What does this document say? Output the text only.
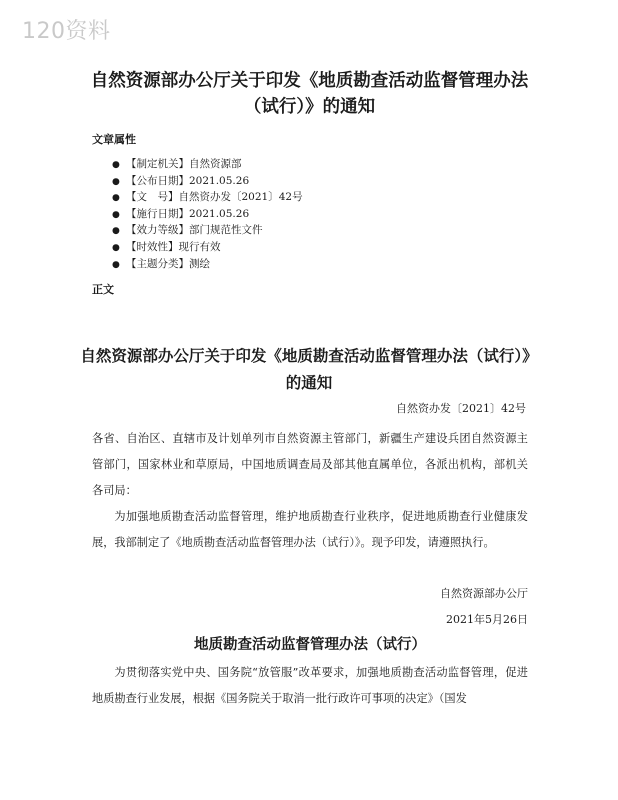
120资料
自然资源部办公厅关于印发《地质勘查活动监督管理办法（试行）》的通知
文章属性
● 【制定机关】自然资源部
● 【公布日期】2021.05.26
● 【文　号】自然资办发〔2021〕42号
● 【施行日期】2021.05.26
● 【效力等级】部门规范性文件
● 【时效性】现行有效
● 【主题分类】测绘
正文
自然资源部办公厅关于印发《地质勘查活动监督管理办法（试行）》的通知
自然资办发〔2021〕42号

各省、自治区、直辖市及计划单列市自然资源主管部门，新疆生产建设兵团自然资源主管部门，国家林业和草原局，中国地质调查局及部其他直属单位，各派出机构，部机关各司局：

为加强地质勘查活动监督管理，维护地质勘查行业秩序，促进地质勘查行业健康发展，我部制定了《地质勘查活动监督管理办法（试行）》。现予印发，请遵照执行。

自然资源部办公厅
2021年5月26日
地质勘查活动监督管理办法（试行）

为贯彻落实党中央、国务院“放管服”改革要求，加强地质勘查活动监督管理，促进地质勘查行业发展，根据《国务院关于取消一批行政许可事项的决定》（国发
